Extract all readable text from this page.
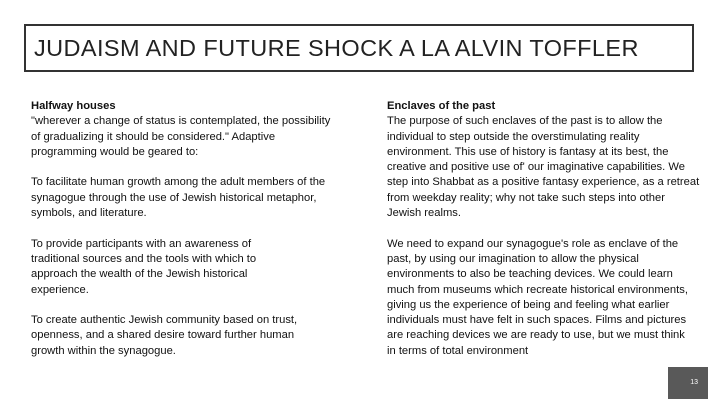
JUDAISM AND FUTURE SHOCK A LA ALVIN TOFFLER

Halfway houses
"wherever a change of status is contemplated, the possibility
of gradualizing it should be considered." Adaptive
programming would be geared to:

To facilitate human growth among the adult members of the
synagogue through the use of Jewish historical metaphor,
symbols, and literature.

To provide participants with an awareness of
traditional sources and the tools with which to
approach the wealth of the Jewish historical
experience.

To create authentic Jewish community based on trust,
openness, and a shared desire toward further human
growth within the synagogue.

Enclaves of the past
The purpose of such enclaves of the past is to allow the
individual to step outside the overstimulating reality
environment. This use of history is fantasy at its best, the
creative and positive use of' our imaginative capabilities. We
step into Shabbat as a positive fantasy experience, as a retreat
from weekday reality; why not take such steps into other
Jewish realms.

We need to expand our synagogue's role as enclave of the
past, by using our imagination to allow the physical
environments to also be teaching devices. We could learn
much from museums which recreate historical environments,
giving us the experience of being and feeling what earlier
individuals must have felt in such spaces. Films and pictures
are reaching devices we are ready to use, but we must think
in terms of total environment

13
